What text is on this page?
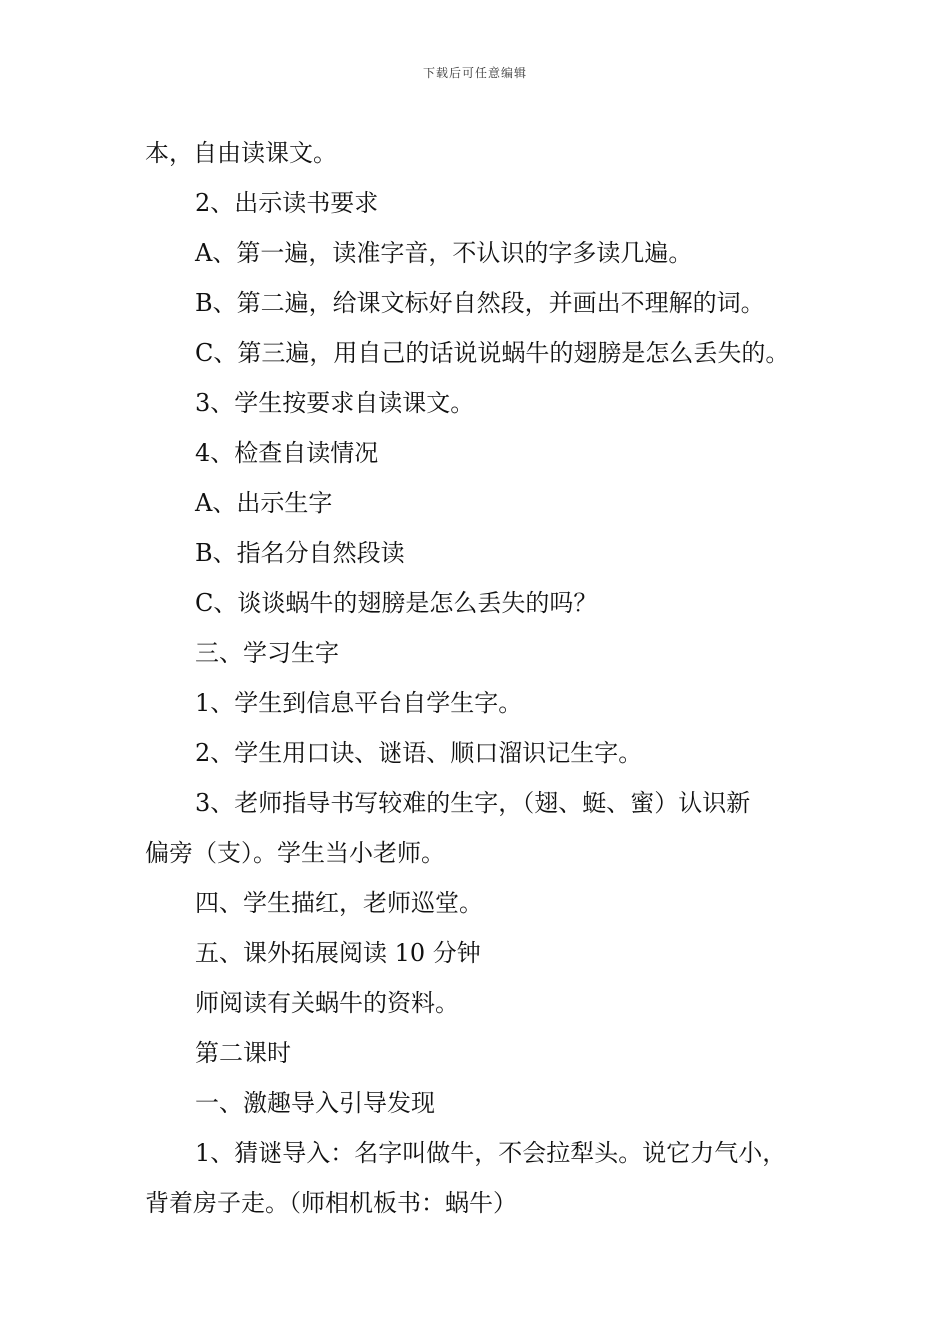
下载后可任意编辑
本，自由读课文。
2、出示读书要求
A、第一遍，读准字音，不认识的字多读几遍。
B、第二遍，给课文标好自然段，并画出不理解的词。
C、第三遍，用自己的话说说蜗牛的翅膀是怎么丢失的。
3、学生按要求自读课文。
4、检查自读情况
A、出示生字
B、指名分自然段读
C、谈谈蜗牛的翅膀是怎么丢失的吗？
三、学习生字
1、学生到信息平台自学生字。
2、学生用口诀、谜语、顺口溜识记生字。
3、老师指导书写较难的生字，（翅、蜓、蜜）认识新
偏旁（支）。学生当小老师。
四、学生描红，老师巡堂。
五、课外拓展阅读 10 分钟
师阅读有关蜗牛的资料。
第二课时
一、激趣导入引导发现
1、猜谜导入：名字叫做牛，不会拉犁头。说它力气小，
背着房子走。（师相机板书：蜗牛）
